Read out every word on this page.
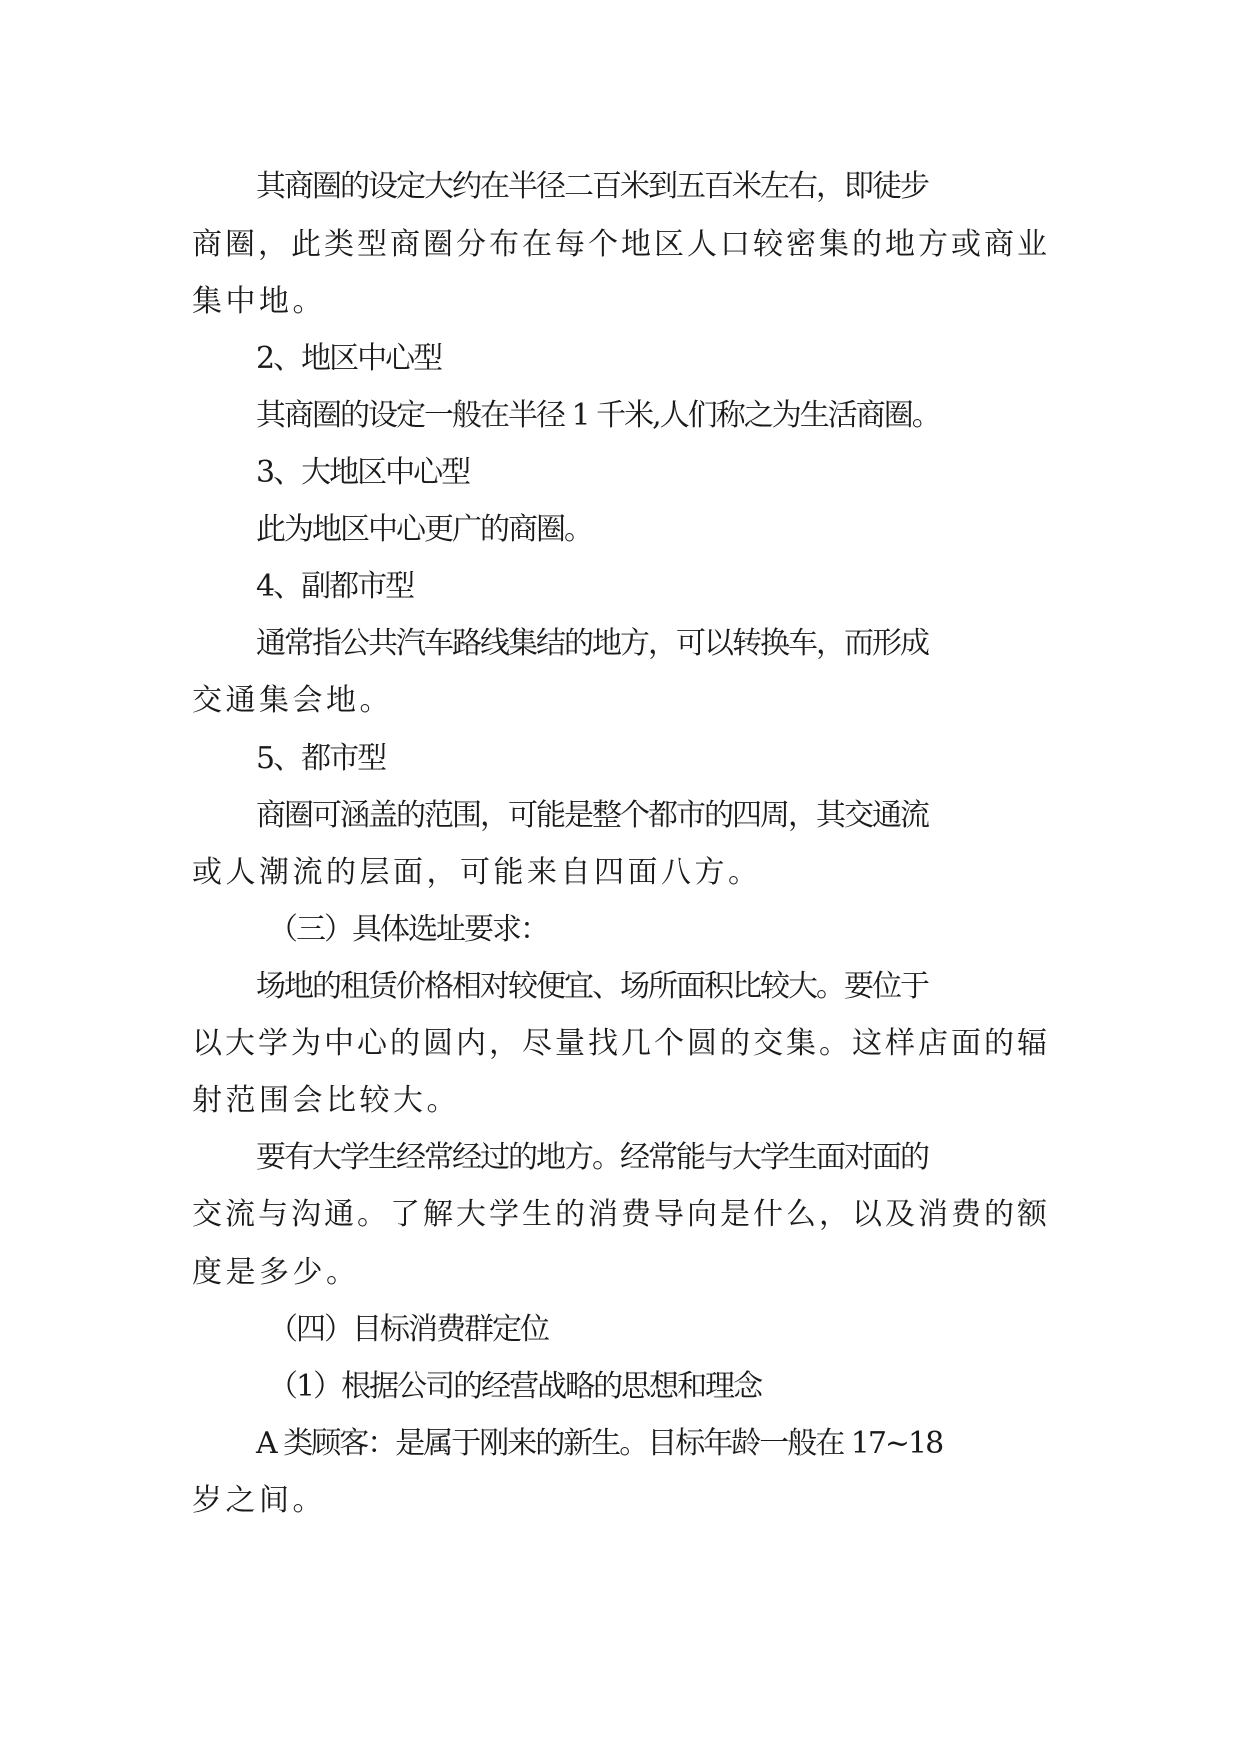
其商圈的设定大约在半径二百米到五百米左右，即徒步

商圈，此类型商圈分布在每个地区人口较密集的地方或商业

集中地。

2、地区中心型

其商圈的设定一般在半径 1 千米,人们称之为生活商圈。

3、大地区中心型

此为地区中心更广的商圈。

4、副都市型

通常指公共汽车路线集结的地方，可以转换车，而形成

交通集会地。

5、都市型

商圈可涵盖的范围，可能是整个都市的四周，其交通流

或人潮流的层面，可能来自四面八方。

（三）具体选址要求：

场地的租赁价格相对较便宜、场所面积比较大。要位于

以大学为中心的圆内，尽量找几个圆的交集。这样店面的辐

射范围会比较大。

要有大学生经常经过的地方。经常能与大学生面对面的

交流与沟通。了解大学生的消费导向是什么，以及消费的额

度是多少。

（四）目标消费群定位

（1）根据公司的经营战略的思想和理念

A 类顾客：是属于刚来的新生。目标年龄一般在 17~18

岁之间。
